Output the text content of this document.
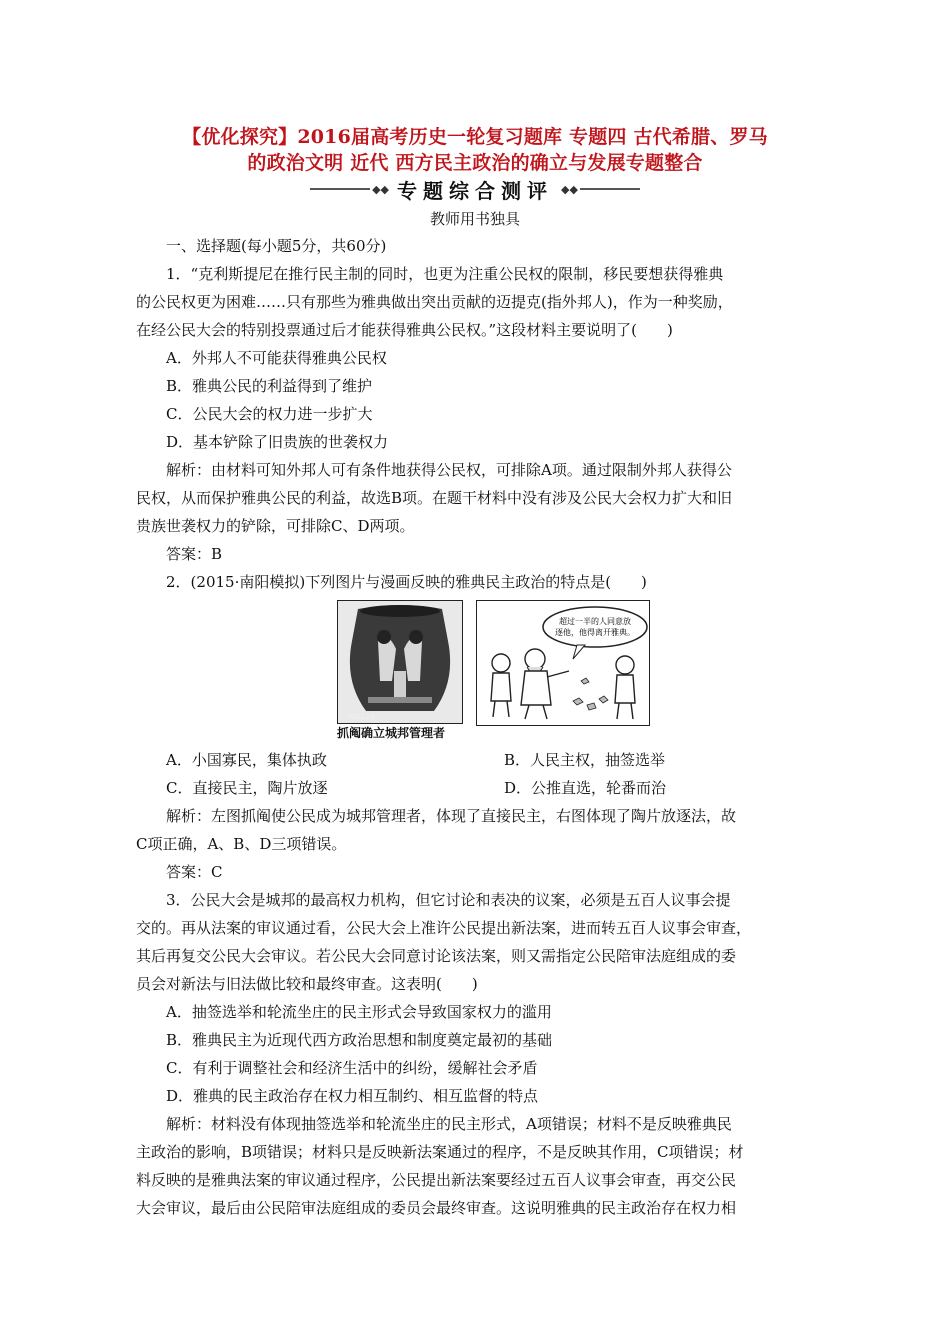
【优化探究】2016届高考历史一轮复习题库 专题四 古代希腊、罗马
的政治文明 近代 西方民主政治的确立与发展专题整合
◆◆ 专题综合测评 ◆◆
教师用书独具

一、选择题(每小题5分，共60分)

1．“克利斯提尼在推行民主制的同时，也更为注重公民权的限制，移民要想获得雅典

的公民权更为困难……只有那些为雅典做出突出贡献的迈提克(指外邦人)，作为一种奖励，

在经公民大会的特别投票通过后才能获得雅典公民权。”这段材料主要说明了(　　)

A．外邦人不可能获得雅典公民权

B．雅典公民的利益得到了维护

C．公民大会的权力进一步扩大

D．基本铲除了旧贵族的世袭权力

解析：由材料可知外邦人可有条件地获得公民权，可排除A项。通过限制外邦人获得公

民权，从而保护雅典公民的利益，故选B项。在题干材料中没有涉及公民大会权力扩大和旧

贵族世袭权力的铲除，可排除C、D两项。

答案：B

2．(2015·南阳模拟)下列图片与漫画反映的雅典民主政治的特点是(　　)

HELLAS
抓阄确立城邦管理者
超过一半的人同意放
逐他，他得离开雅典。

A．小国寡民，集体执政	B．人民主权，抽签选举

C．直接民主，陶片放逐	D．公推直选，轮番而治

解析：左图抓阄使公民成为城邦管理者，体现了直接民主，右图体现了陶片放逐法，故

C项正确，A、B、D三项错误。

答案：C

3．公民大会是城邦的最高权力机构，但它讨论和表决的议案，必须是五百人议事会提

交的。再从法案的审议通过看，公民大会上准许公民提出新法案，进而转五百人议事会审查，

其后再复交公民大会审议。若公民大会同意讨论该法案，则又需指定公民陪审法庭组成的委

员会对新法与旧法做比较和最终审查。这表明(　　)

A．抽签选举和轮流坐庄的民主形式会导致国家权力的滥用

B．雅典民主为近现代西方政治思想和制度奠定最初的基础

C．有利于调整社会和经济生活中的纠纷，缓解社会矛盾

D．雅典的民主政治存在权力相互制约、相互监督的特点

解析：材料没有体现抽签选举和轮流坐庄的民主形式，A项错误；材料不是反映雅典民

主政治的影响，B项错误；材料只是反映新法案通过的程序，不是反映其作用，C项错误；材

料反映的是雅典法案的审议通过程序，公民提出新法案要经过五百人议事会审查，再交公民

大会审议，最后由公民陪审法庭组成的委员会最终审查。这说明雅典的民主政治存在权力相
